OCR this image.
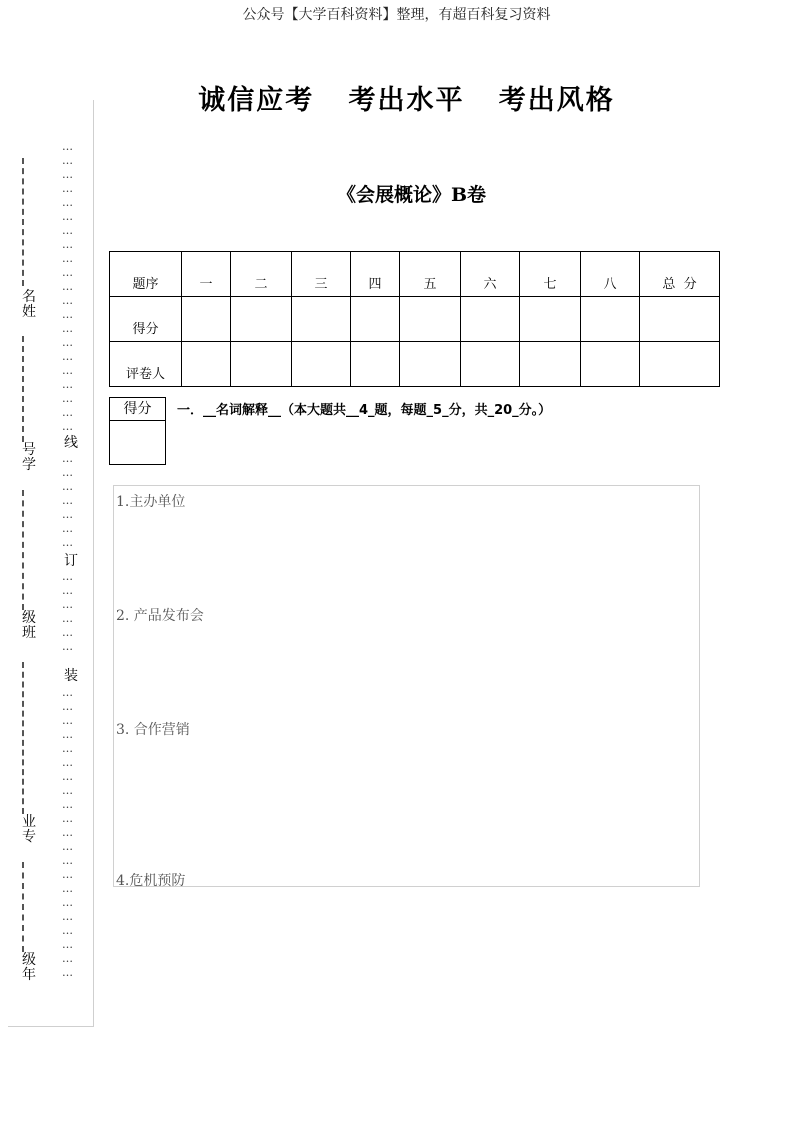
公众号【大学百科资料】整理，有超百科复习资料
诚信应考   考出水平   考出风格
《会展概论》B卷
…
…
…
…
…
…
…
…
…
…
…
…
…
…
…
…
…
…
…
…
…
线
…
…
…
…
…
…
…
订
…
…
…
…
…
…
装
…
…
…
…
…
…
…
…
…
…
…
…
…
…
…
…
…
…
…
…
…
名姓
号学
级班
业专
级年
题序	一	二	三	四	五	六	七	八	总  分
得分									
评卷人									
得分	一．__名词解释__（本大题共__4_题，每题_5_分，共_20_分。）
1.主办单位
2. 产品发布会
3. 合作营销
4.危机预防
